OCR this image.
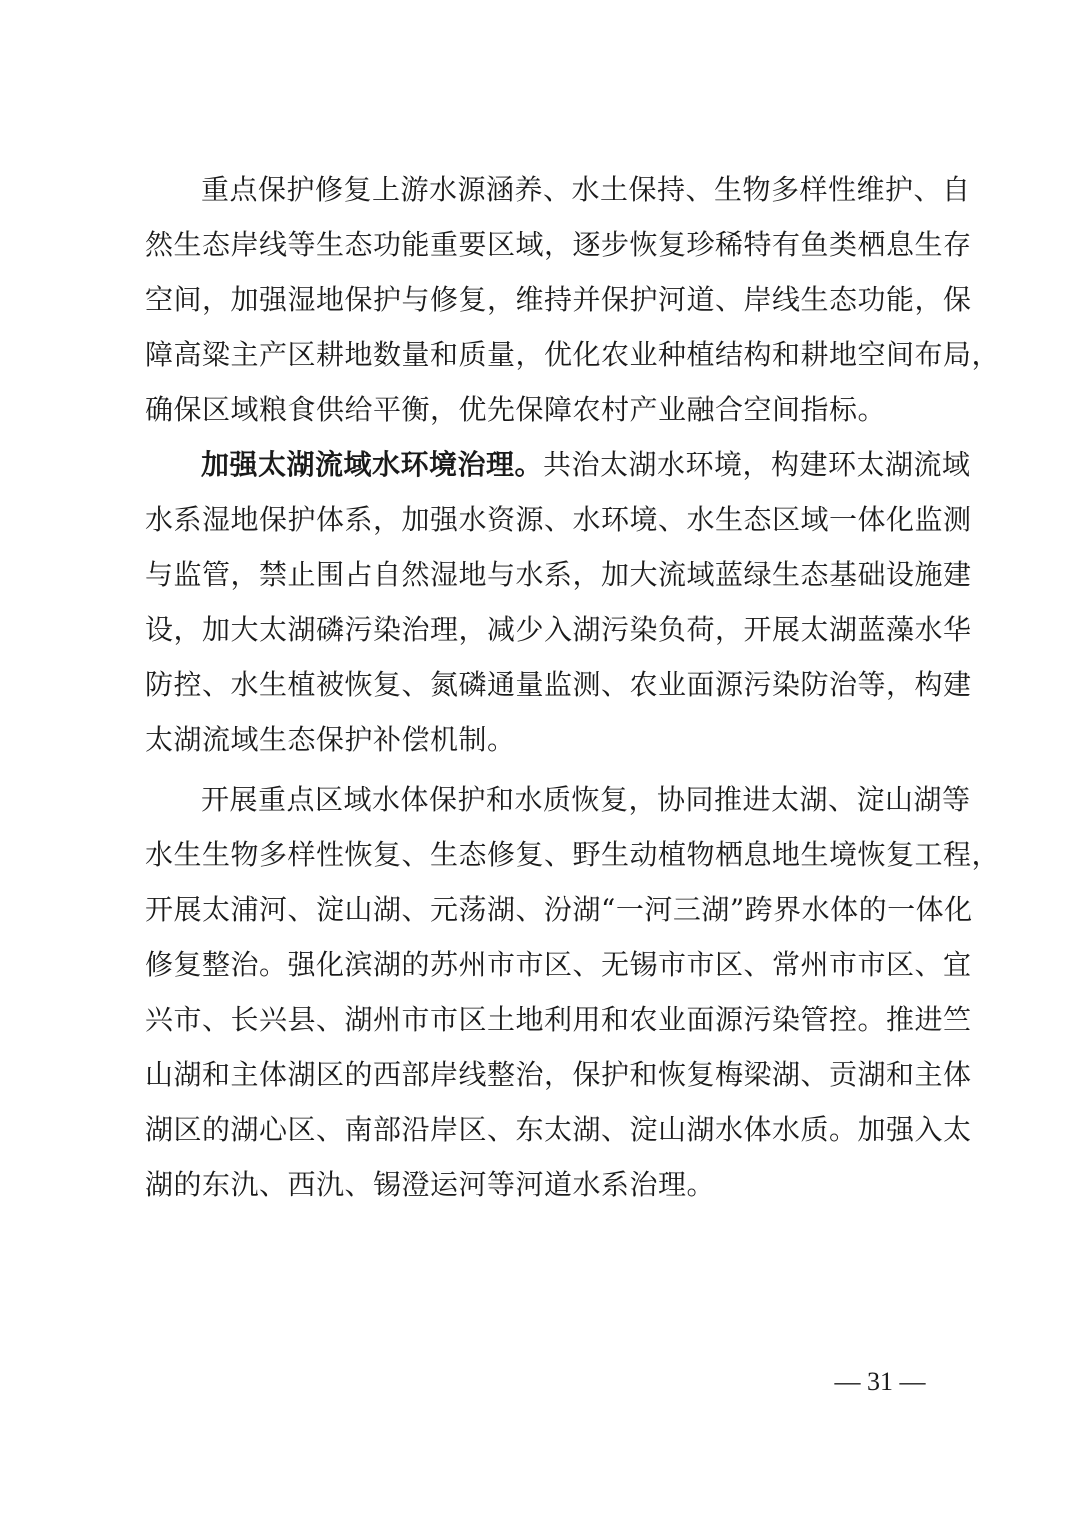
重点保护修复上游水源涵养、水土保持、生物多样性维护、自
然生态岸线等生态功能重要区域，逐步恢复珍稀特有鱼类栖息生存
空间，加强湿地保护与修复，维持并保护河道、岸线生态功能，保
障高粱主产区耕地数量和质量，优化农业种植结构和耕地空间布局，
确保区域粮食供给平衡，优先保障农村产业融合空间指标。
加强太湖流域水环境治理。共治太湖水环境，构建环太湖流域
水系湿地保护体系，加强水资源、水环境、水生态区域一体化监测
与监管，禁止围占自然湿地与水系，加大流域蓝绿生态基础设施建
设，加大太湖磷污染治理，减少入湖污染负荷，开展太湖蓝藻水华
防控、水生植被恢复、氮磷通量监测、农业面源污染防治等，构建
太湖流域生态保护补偿机制。
开展重点区域水体保护和水质恢复，协同推进太湖、淀山湖等
水生生物多样性恢复、生态修复、野生动植物栖息地生境恢复工程，
开展太浦河、淀山湖、元荡湖、汾湖“一河三湖”跨界水体的一体化
修复整治。强化滨湖的苏州市市区、无锡市市区、常州市市区、宜
兴市、长兴县、湖州市市区土地利用和农业面源污染管控。推进竺
山湖和主体湖区的西部岸线整治，保护和恢复梅梁湖、贡湖和主体
湖区的湖心区、南部沿岸区、东太湖、淀山湖水体水质。加强入太
湖的东氿、西氿、锡澄运河等河道水系治理。
— 31 —
